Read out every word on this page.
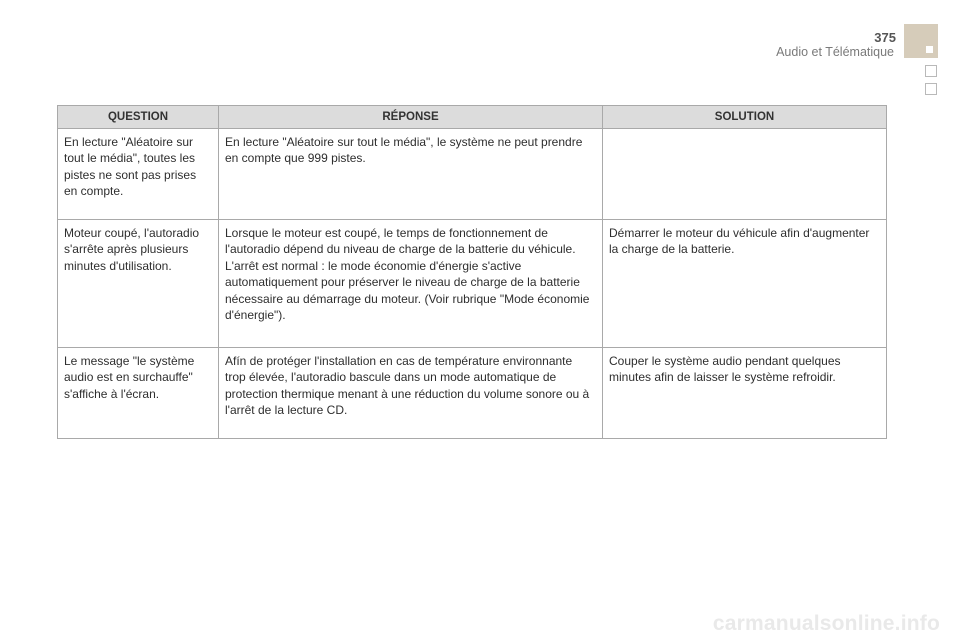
375
Audio et Télématique
QUESTION	RÉPONSE	SOLUTION
En lecture "Aléatoire sur tout le média", toutes les pistes ne sont pas prises en compte.	En lecture "Aléatoire sur tout le média", le système ne peut prendre en compte que 999 pistes.	
Moteur coupé, l'autoradio s'arrête après plusieurs minutes d'utilisation.	Lorsque le moteur est coupé, le temps de fonctionnement de l'autoradio dépend du niveau de charge de la batterie du véhicule. L'arrêt est normal : le mode économie d'énergie s'active automatiquement pour préserver le niveau de charge de la batterie nécessaire au démarrage du moteur. (Voir rubrique "Mode économie d'énergie").	Démarrer le moteur du véhicule afin d'augmenter la charge de la batterie.
Le message "le système audio est en surchauffe" s'affiche à l'écran.	Afín de protéger l'installation en cas de température environnante trop élevée, l'autoradio bascule dans un mode automatique de protection thermique menant à une réduction du volume sonore ou à l'arrêt de la lecture CD.	Couper le système audio pendant quelques minutes afin de laisser le système refroidir.
carmanualsonline.info
